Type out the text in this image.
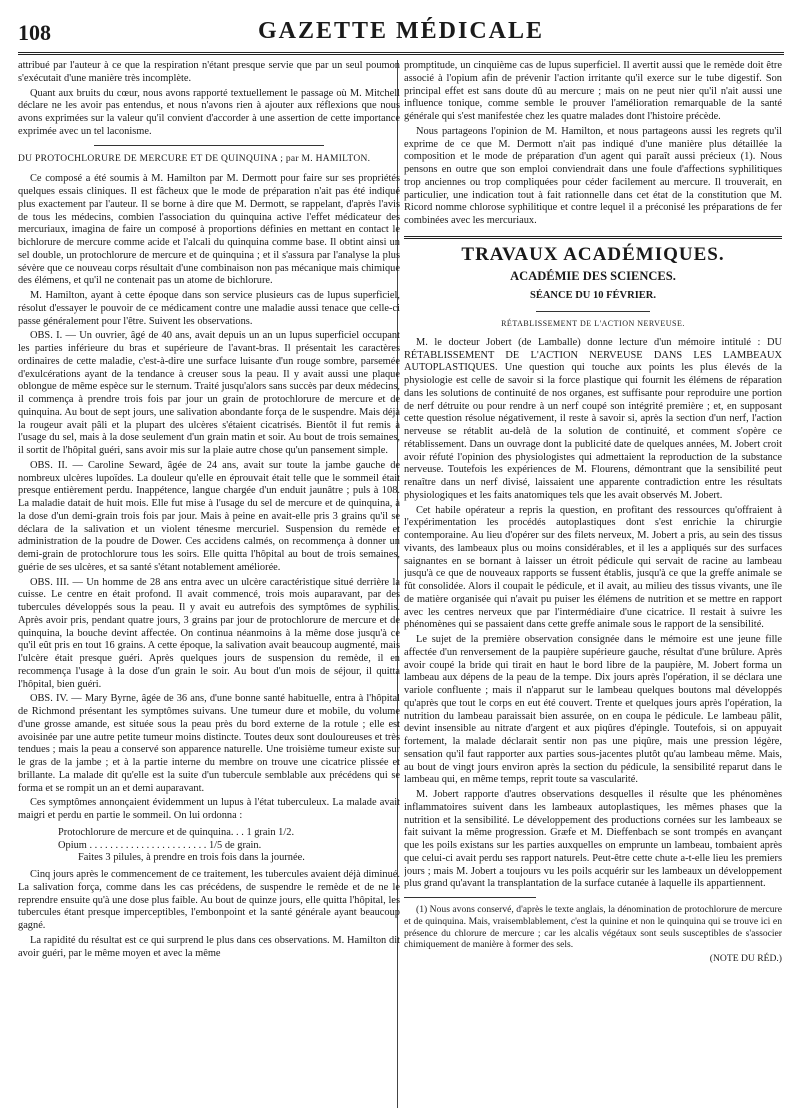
108	GAZETTE MÉDICALE

attribué par l'auteur à ce que la respiration n'étant presque servie que par un seul poumon s'exécutait d'une manière très incomplète.

Quant aux bruits du cœur, nous avons rapporté textuellement le passage où M. Mitchell déclare ne les avoir pas entendus, et nous n'avons rien à ajouter aux réflexions que nous avons exprimées sur la valeur qu'il convient d'accorder à une assertion de cette importance exprimée avec un tel laconisme.

DU PROTOCHLORURE DE MERCURE ET DE QUINQUINA ; par M. HAMILTON.

Ce composé a été soumis à M. Hamilton par M. Dermott pour faire sur ses propriétés quelques essais cliniques. Il est fâcheux que le mode de préparation n'ait pas été indiqué plus exactement par l'auteur. Il se borne à dire que M. Dermott, se rappelant, d'après l'avis de tous les médecins, combien l'association du quinquina active l'effet médicateur des mercuriaux, imagina de faire un composé à proportions définies en mettant en contact le bichlorure de mercure comme acide et l'alcali du quinquina comme base. Il obtint ainsi un sel double, un protochlorure de mercure et de quinquina ; et il s'assura par l'analyse la plus sévère que ce nouveau corps résultait d'une combinaison non pas mécanique mais chimique des élémens, et qu'il ne contenait pas un atome de bichlorure.

M. Hamilton, ayant à cette époque dans son service plusieurs cas de lupus superficiel, résolut d'essayer le pouvoir de ce médicament contre une maladie aussi tenace que celle-ci passe généralement pour l'être. Suivent les observations.

OBS. I. — Un ouvrier, âgé de 40 ans, avait depuis un an un lupus superficiel occupant les parties inférieure du bras et supérieure de l'avant-bras. Il présentait les caractères ordinaires de cette maladie, c'est-à-dire une surface luisante d'un rouge sombre, parsemée d'exulcérations ayant de la tendance à creuser sous la peau. Il y avait aussi une plaque oblongue de même espèce sur le sternum. Traité jusqu'alors sans succès par deux médecins, il commença à prendre trois fois par jour un grain de protochlorure de mercure et de quinquina. Au bout de sept jours, une salivation abondante força de le suspendre. Mais déjà la rougeur avait pâli et la plupart des ulcères s'étaient cicatrisés. Bientôt il fut remis à l'usage du sel, mais à la dose seulement d'un grain matin et soir. Au bout de trois semaines, il sortit de l'hôpital guéri, sans avoir mis sur la plaie autre chose qu'un pansement simple.

OBS. II. — Caroline Seward, âgée de 24 ans, avait sur toute la jambe gauche de nombreux ulcères lupoïdes. La douleur qu'elle en éprouvait était telle que le sommeil était presque entièrement perdu. Inappétence, langue chargée d'un enduit jaunâtre ; puls à 108. La maladie datait de huit mois. Elle fut mise à l'usage du sel de mercure et de quinquina, à la dose d'un demi-grain trois fois par jour. Mais à peine en avait-elle pris 3 grains qu'il se déclara de la salivation et un violent ténesme mercuriel. Suspension du remède et administration de la poudre de Dower. Ces accidens calmés, on recommença à donner un demi-grain de protochlorure tous les soirs. Elle quitta l'hôpital au bout de trois semaines, guérie de ses ulcères, et sa santé s'étant notablement améliorée.

OBS. III. — Un homme de 28 ans entra avec un ulcère caractéristique situé derrière la cuisse. Le centre en était profond. Il avait commencé, trois mois auparavant, par des tubercules développés sous la peau. Il y avait eu autrefois des symptômes de syphilis. Après avoir pris, pendant quatre jours, 3 grains par jour de protochlorure de mercure et de quinquina, la bouche devint affectée. On continua néanmoins à la même dose jusqu'à ce qu'il eût pris en tout 16 grains. A cette époque, la salivation avait beaucoup augmenté, mais l'ulcère était presque guéri. Après quelques jours de suspension du remède, il en recommença l'usage à la dose d'un grain le soir. Au bout d'un mois de séjour, il quitta l'hôpital, bien guéri.

OBS. IV. — Mary Byrne, âgée de 36 ans, d'une bonne santé habituelle, entra à l'hôpital de Richmond présentant les symptômes suivans. Une tumeur dure et mobile, du volume d'une grosse amande, est située sous la peau près du bord externe de la rotule ; elle est avoisinée par une autre petite tumeur moins distincte. Toutes deux sont douloureuses et très tendues ; mais la peau a conservé son apparence naturelle. Une troisième tumeur existe sur le gras de la jambe ; et à la partie interne du membre on trouve une cicatrice plissée et brillante. La malade dit qu'elle est la suite d'un tubercule semblable aux précédens qui se forma et se rompit un an et demi auparavant.

Ces symptômes annonçaient évidemment un lupus à l'état tuberculeux. La malade avait maigri et perdu en partie le sommeil. On lui ordonna :

Protochlorure de mercure et de quinquina. . . 1 grain 1/2.
Opium . . . . . . . . . . . . . . . . . . . . . . . 1/5 de grain.
Faites 3 pilules, à prendre en trois fois dans la journée.

Cinq jours après le commencement de ce traitement, les tubercules avaient déjà diminué. La salivation força, comme dans les cas précédens, de suspendre le remède et de ne le reprendre ensuite qu'à une dose plus faible. Au bout de quinze jours, elle quitta l'hôpital, les tubercules étant presque imperceptibles, l'embonpoint et la santé générale ayant beaucoup gagné.

La rapidité du résultat est ce qui surprend le plus dans ces observations. M. Hamilton dit avoir guéri, par le même moyen et avec la même

promptitude, un cinquième cas de lupus superficiel. Il avertit aussi que le remède doit être associé à l'opium afin de prévenir l'action irritante qu'il exerce sur le tube digestif. Son principal effet est sans doute dû au mercure ; mais on ne peut nier qu'il n'ait aussi une influence tonique, comme semble le prouver l'amélioration remarquable de la santé générale qui s'est manifestée chez les quatre malades dont l'histoire précède.

Nous partageons l'opinion de M. Hamilton, et nous partageons aussi les regrets qu'il exprime de ce que M. Dermott n'ait pas indiqué d'une manière plus détaillée la composition et le mode de préparation d'un agent qui paraît aussi précieux (1). Nous pensons en outre que son emploi conviendrait dans une foule d'affections syphilitiques trop anciennes ou trop compliquées pour céder facilement au mercure. Il trouverait, en particulier, une indication tout à fait rationnelle dans cet état de la constitution que M. Ricord nomme chlorose syphilitique et contre lequel il a préconisé les préparations de fer combinées avec les mercuriaux.

TRAVAUX ACADÉMIQUES.
ACADÉMIE DES SCIENCES.
SÉANCE DU 10 FÉVRIER.
RÉTABLISSEMENT DE L'ACTION NERVEUSE.

M. le docteur Jobert (de Lamballe) donne lecture d'un mémoire intitulé : DU RÉTABLISSEMENT DE L'ACTION NERVEUSE DANS LES LAMBEAUX AUTOPLASTIQUES. Une question qui touche aux points les plus élevés de la physiologie est celle de savoir si la force plastique qui fournit les élémens de réparation dans les solutions de continuité de nos organes, est suffisante pour reproduire une portion de nerf détruite ou pour rendre à un nerf coupé son intégrité première ; et, en supposant cette question résolue négativement, il reste à savoir si, après la section d'un nerf, l'action nerveuse se rétablit au-delà de la solution de continuité, et comment s'opère ce rétablissement. Dans un ouvrage dont la publicité date de quelques années, M. Jobert croit avoir réfuté l'opinion des physiologistes qui admettaient la reproduction de la substance nerveuse. Toutefois les expériences de M. Flourens, démontrant que la sensibilité peut renaître dans un nerf divisé, laissaient une apparente contradiction entre les résultats physiologiques et les faits anatomiques tels que les avait observés M. Jobert.

Cet habile opérateur a repris la question, en profitant des ressources qu'offraient à l'expérimentation les procédés autoplastiques dont s'est enrichie la chirurgie contemporaine. Au lieu d'opérer sur des filets nerveux, M. Jobert a pris, au sein des tissus vivants, des lambeaux plus ou moins considérables, et il les a appliqués sur des surfaces saignantes en se bornant à laisser un étroit pédicule qui servait de racine au lambeau jusqu'à ce que de nouveaux rapports se fussent établis, jusqu'à ce que la greffe animale se fût consolidée. Alors il coupait le pédicule, et il avait, au milieu des tissus vivants, une île de matière organisée qui n'avait pu puiser les élémens de nutrition et se mettre en rapport avec les centres nerveux que par l'intermédiaire d'une cicatrice. Il restait à suivre les phénomènes qui se passaient dans cette greffe animale sous le rapport de la sensibilité.

Le sujet de la première observation consignée dans le mémoire est une jeune fille affectée d'un renversement de la paupière supérieure gauche, résultat d'une brûlure. Après avoir coupé la bride qui tirait en haut le bord libre de la paupière, M. Jobert forma un lambeau aux dépens de la peau de la tempe. Dix jours après l'opération, il se déclara une variole confluente ; mais il n'apparut sur le lambeau quelques boutons mal développés qu'après que tout le corps en eut été couvert. Trente et quelques jours après l'opération, la nutrition du lambeau paraissait bien assurée, on en coupa le pédicule. Le lambeau pâlit, devint insensible au nitrate d'argent et aux piqûres d'épingle. Toutefois, si on appuyait fortement, la malade déclarait sentir non pas une piqûre, mais une pression légère, sensation qu'il faut rapporter aux parties sous-jacentes plutôt qu'au lambeau même. Mais, au bout de vingt jours environ après la section du pédicule, la sensibilité reparut dans le lambeau qui, en même temps, reprit toute sa vascularité.

M. Jobert rapporte d'autres observations desquelles il résulte que les phénomènes inflammatoires suivent dans les lambeaux autoplastiques, les mêmes phases que la nutrition et la sensibilité. Le développement des productions cornées sur les lambeaux se fait suivant la même progression. Græfe et M. Dieffenbach se sont trompés en avançant que les poils existans sur les parties auxquelles on emprunte un lambeau, tombaient après que celui-ci avait perdu ses rapport naturels. Peut-être cette chute a-t-elle lieu les premiers jours ; mais M. Jobert a toujours vu les poils acquérir sur les lambeaux un développement plus grand qu'avant la transplantation de la surface cutanée à laquelle ils appartiennent.

(1) Nous avons conservé, d'après le texte anglais, la dénomination de protochlorure de mercure et de quinquina. Mais, vraisemblablement, c'est la quinine et non le quinquina qui se trouve ici en présence du chlorure de mercure ; car les alcalis végétaux sont seuls susceptibles de s'associer chimiquement de manière à former des sels.

(NOTE DU RÉD.)
